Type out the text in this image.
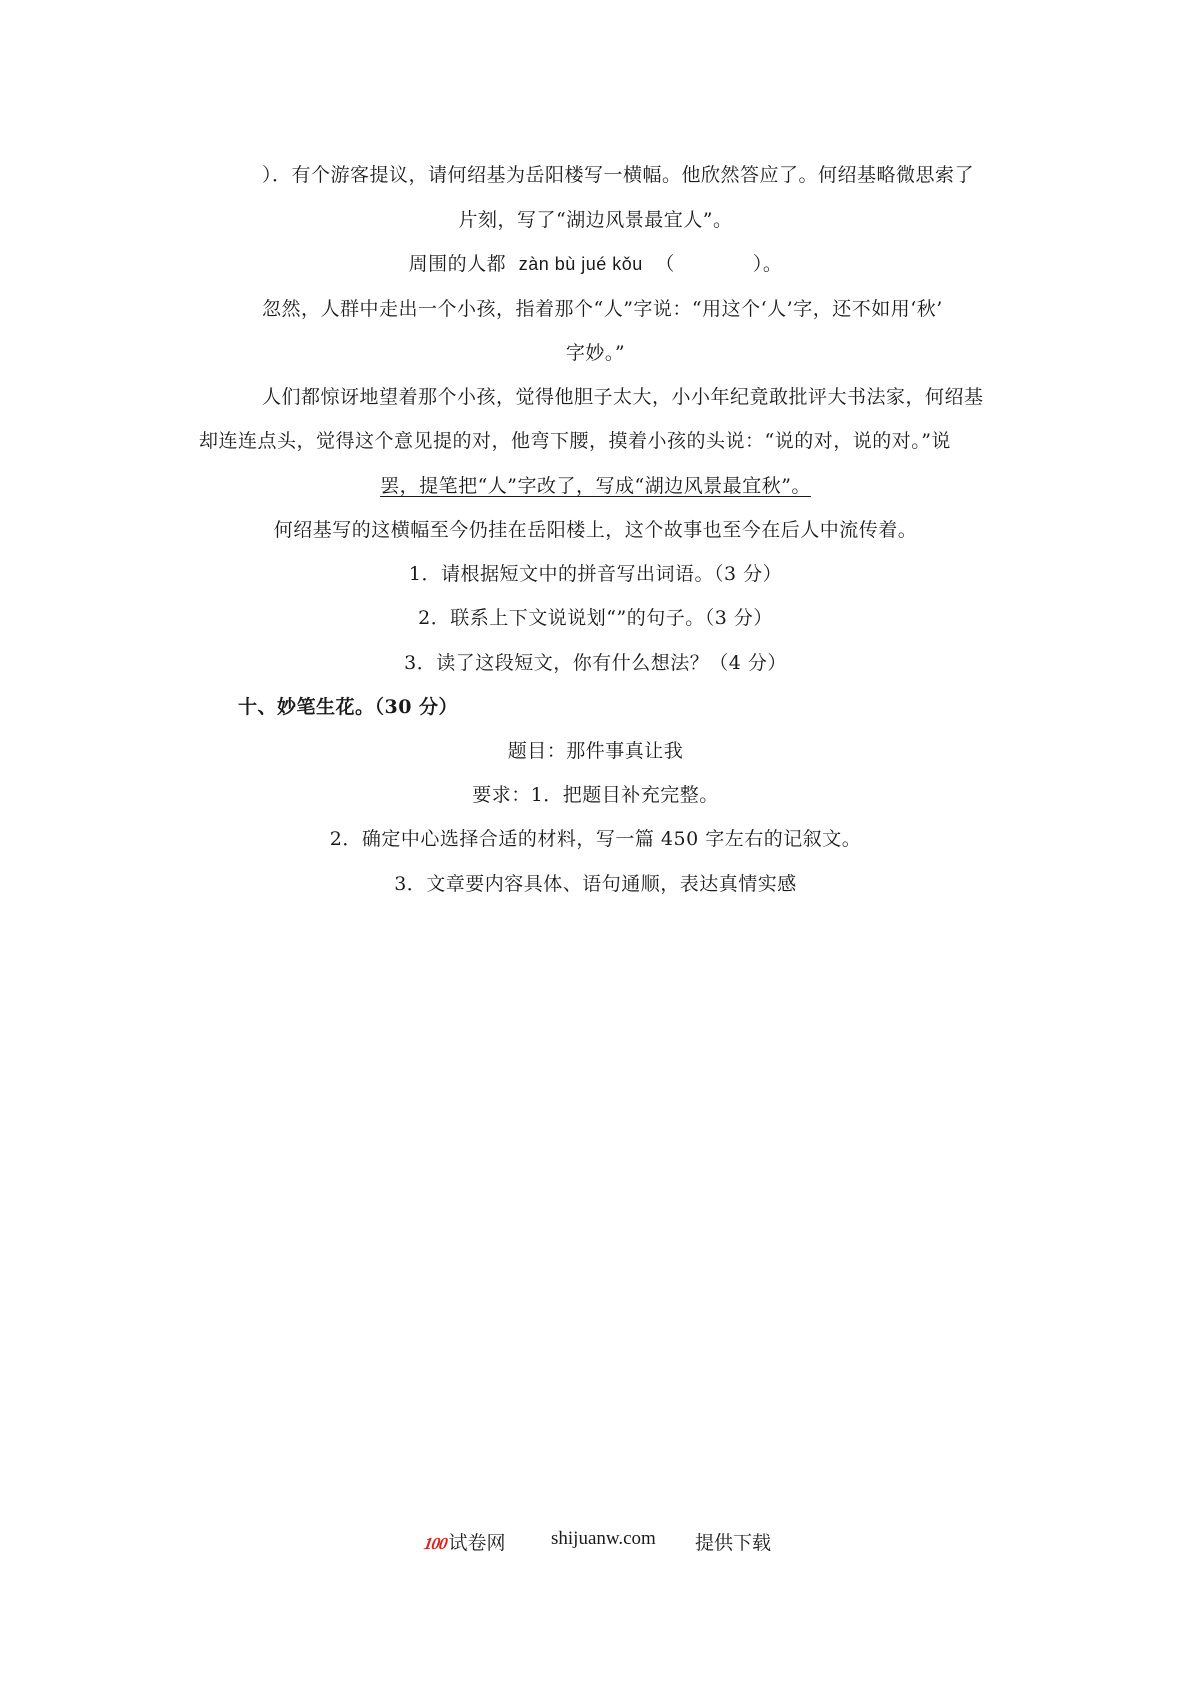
）．有个游客提议，请何绍基为岳阳楼写一横幅。他欣然答应了。何绍基略微思索了
片刻，写了“湖边风景最宜人”。
周围的人都 zàn bù jué kǒu （　　　　）。
忽然，人群中走出一个小孩，指着那个“人”字说：“用这个‘人’字，还不如用‘秋’
字妙。”
人们都惊讶地望着那个小孩，觉得他胆子太大，小小年纪竟敢批评大书法家，何绍基
却连连点头，觉得这个意见提的对，他弯下腰，摸着小孩的头说：“说的对，说的对。”说
罢，提笔把“人”字改了，写成“湖边风景最宜秋”。
何绍基写的这横幅至今仍挂在岳阳楼上，这个故事也至今在后人中流传着。
1．请根据短文中的拼音写出词语。（3 分）
2．联系上下文说说划“”的句子。（3 分）
3．读了这段短文，你有什么想法？（4 分）
十、妙笔生花。（30 分）
题目：那件事真让我
要求：1．把题目补充完整。
2．确定中心选择合适的材料，写一篇 450 字左右的记叙文。
3．文章要内容具体、语句通顺，表达真情实感
100 试卷网 shijuanw.com 提供下载
